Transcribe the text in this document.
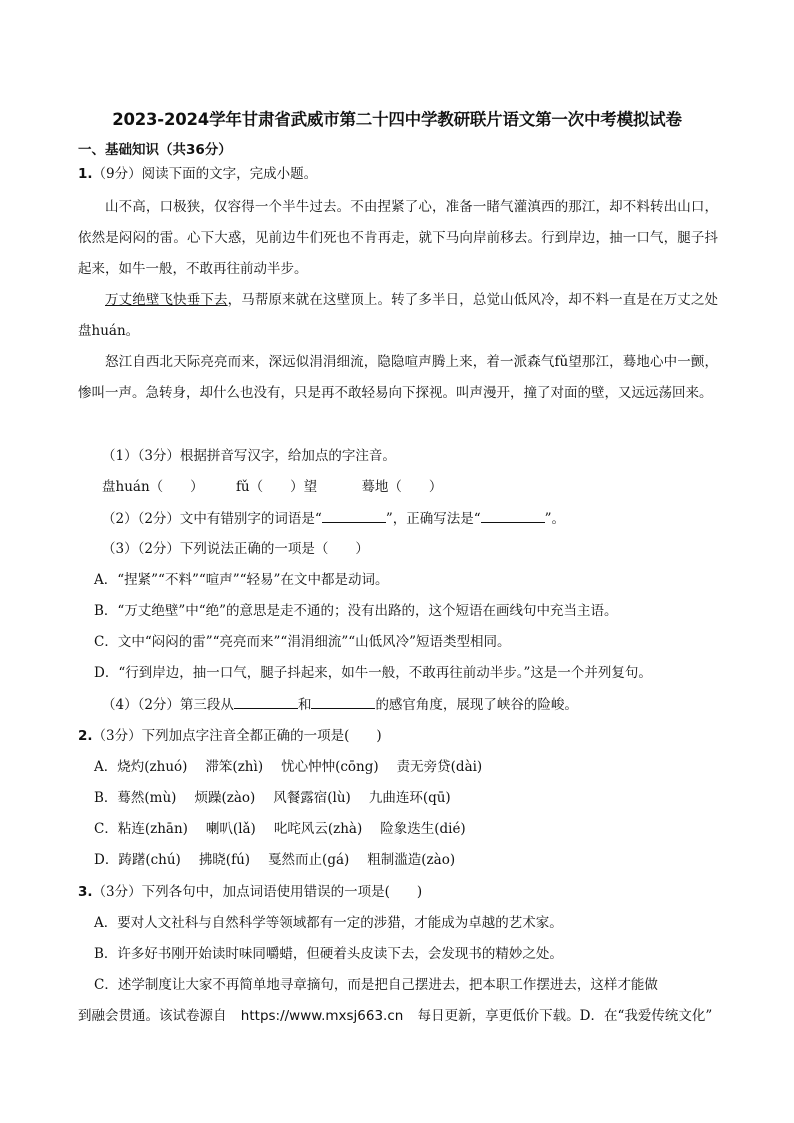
2023-2024学年甘肃省武威市第二十四中学教研联片语文第一次中考模拟试卷
一、基础知识（共36分）
1.（9分）阅读下面的文字，完成小题。
山不高，口极狭，仅容得一个半牛过去。不由捏紧了心，准备一睹气灌滇西的那江，却不料转出山口，依然是闷闷的雷。心下大惑，见前边牛们死也不肯再走，就下马向岸前移去。行到岸边，抽一口气，腿子抖起来，如牛一般，不敢再往前动半步。
万丈绝壁飞快垂下去，马帮原来就在这壁顶上。转了多半日，总觉山低风冷，却不料一直是在万丈之处盘huán。
怒江自西北天际亮亮而来，深远似涓涓细流，隐隐喧声腾上来，着一派森气fǔ望那江，蓦地心中一颤，惨叫一声。急转身，却什么也没有，只是再不敢轻易向下探视。叫声漫开，撞了对面的壁，又远远荡回来。
（1）（3分）根据拼音写汉字，给加点的字注音。
盘huán（　　） fǔ（　　）望	蓦地（　　）
（2）（2分）文中有错别字的词语是“	”，正确写法是“	”。
（3）（2分）下列说法正确的一项是（　　）
A．“捏紧”“不料”“喧声”“轻易”在文中都是动词。
B．“万丈绝壁”中“绝”的意思是走不通的；没有出路的，这个短语在画线句中充当主语。
C．文中“闷闷的雷”“亮亮而来”“涓涓细流”“山低风冷”短语类型相同。
D．“行到岸边，抽一口气，腿子抖起来，如牛一般，不敢再往前动半步。”这是一个并列复句。
（4）（2分）第三段从	和	的感官角度，展现了峡谷的险峻。
2.（3分）下列加点字注音全都正确的一项是(　　)
A．烧灼(zhuó) 滞笨(zhì) 忧心忡忡(cōng) 责无旁贷(dài)
B．蓦然(mù) 烦躁(zào) 风餐露宿(lù) 九曲连环(qū)
C．粘连(zhān) 喇叭(lǎ) 叱咤风云(zhà) 险象迭生(dié)
D．踌躇(chú) 拂晓(fú) 戛然而止(gá) 粗制滥造(zào)
3.（3分）下列各句中，加点词语使用错误的一项是(　　)
A．要对人文社科与自然科学等领域都有一定的涉猎，才能成为卓越的艺术家。
B．许多好书刚开始读时味同嚼蜡，但硬着头皮读下去，会发现书的精妙之处。
C．述学制度让大家不再简单地寻章摘句，而是把自己摆进去，把本职工作摆进去，这样才能做
到融会贯通。该试卷源自 https://www.mxsj663.cn 每日更新，享更低价下载。D．在“我爱传统文化”
